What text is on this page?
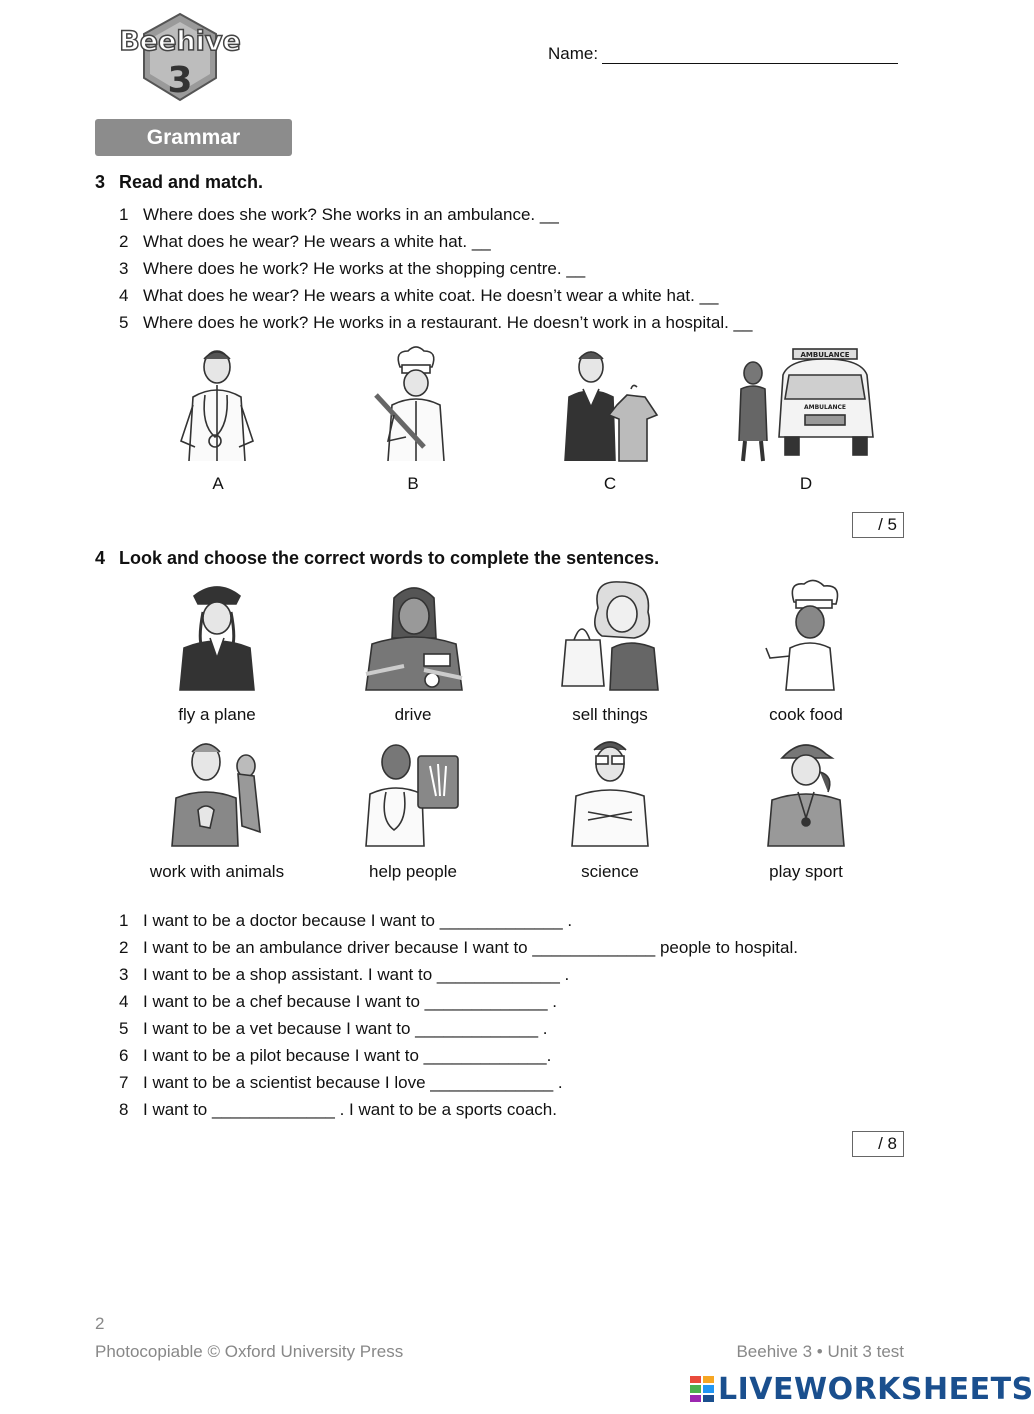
Beehive
3
Name:
Grammar
3 Read and match.
1 Where does she work? She works in an ambulance. __
2 What does he wear? He wears a white hat. __
3 Where does he work? He works at the shopping centre. __
4 What does he wear? He wears a white coat. He doesn’t wear a white hat. __
5 Where does he work? He works in a restaurant. He doesn’t work in a hospital. __
AMBULANCE
AMBULANCE
A	B	C	D
/ 5
4 Look and choose the correct words to complete the sentences.
fly a plane	drive	sell things	cook food
work with animals	help people	science	play sport
1 I want to be a doctor because I want to _____________ .
2 I want to be an ambulance driver because I want to _____________ people to hospital.
3 I want to be a shop assistant. I want to _____________ .
4 I want to be a chef because I want to _____________ .
5 I want to be a vet because I want to _____________ .
6 I want to be a pilot because I want to _____________.
7 I want to be a scientist because I love _____________ .
8 I want to _____________ . I want to be a sports coach.
/ 8
2
Photocopiable © Oxford University Press	Beehive 3 • Unit 3 test
LIVEWORKSHEETS
